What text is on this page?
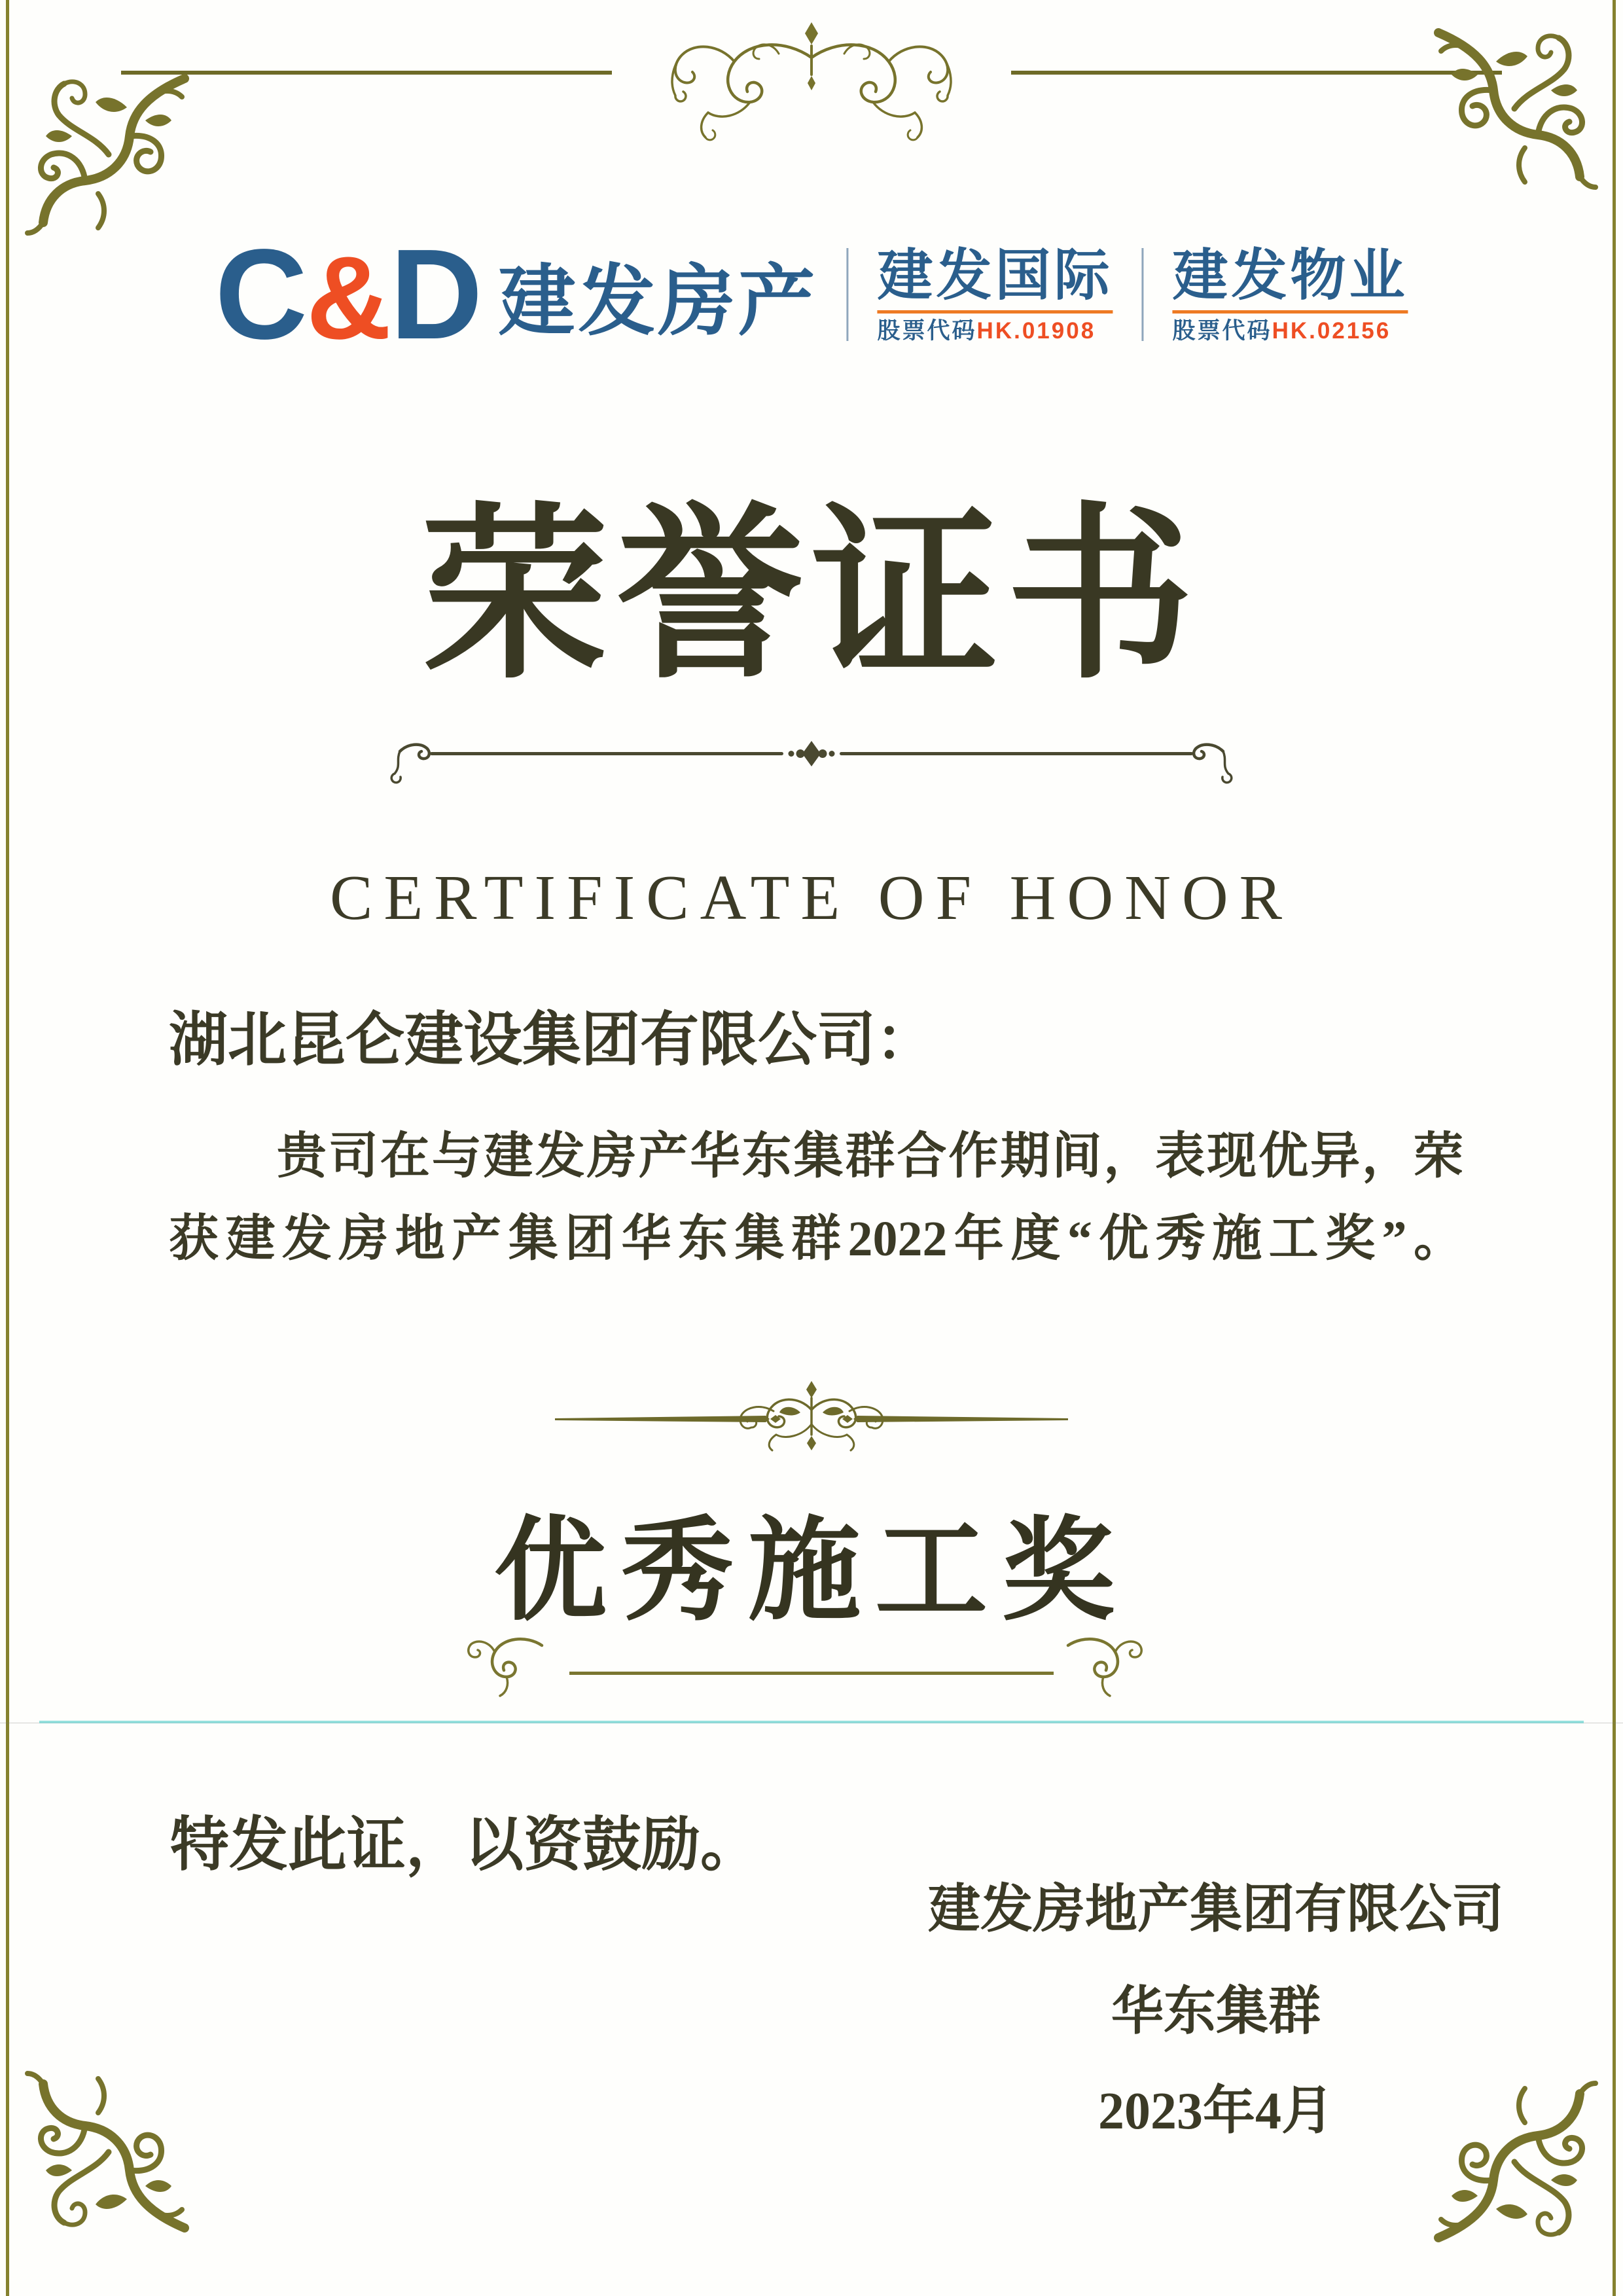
C&D 建发房产 建发国际
股票代码HK.01908
建发物业
股票代码HK.02156
荣誉证书
CERTIFICATE OF HONOR
湖北昆仑建设集团有限公司：
贵司在与建发房产华东集群合作期间，表现优异，荣
获建发房地产集团华东集群2022年度“优秀施工奖”。
优秀施工奖
特发此证，以资鼓励。
建发房地产集团有限公司
华东集群
2023年4月
